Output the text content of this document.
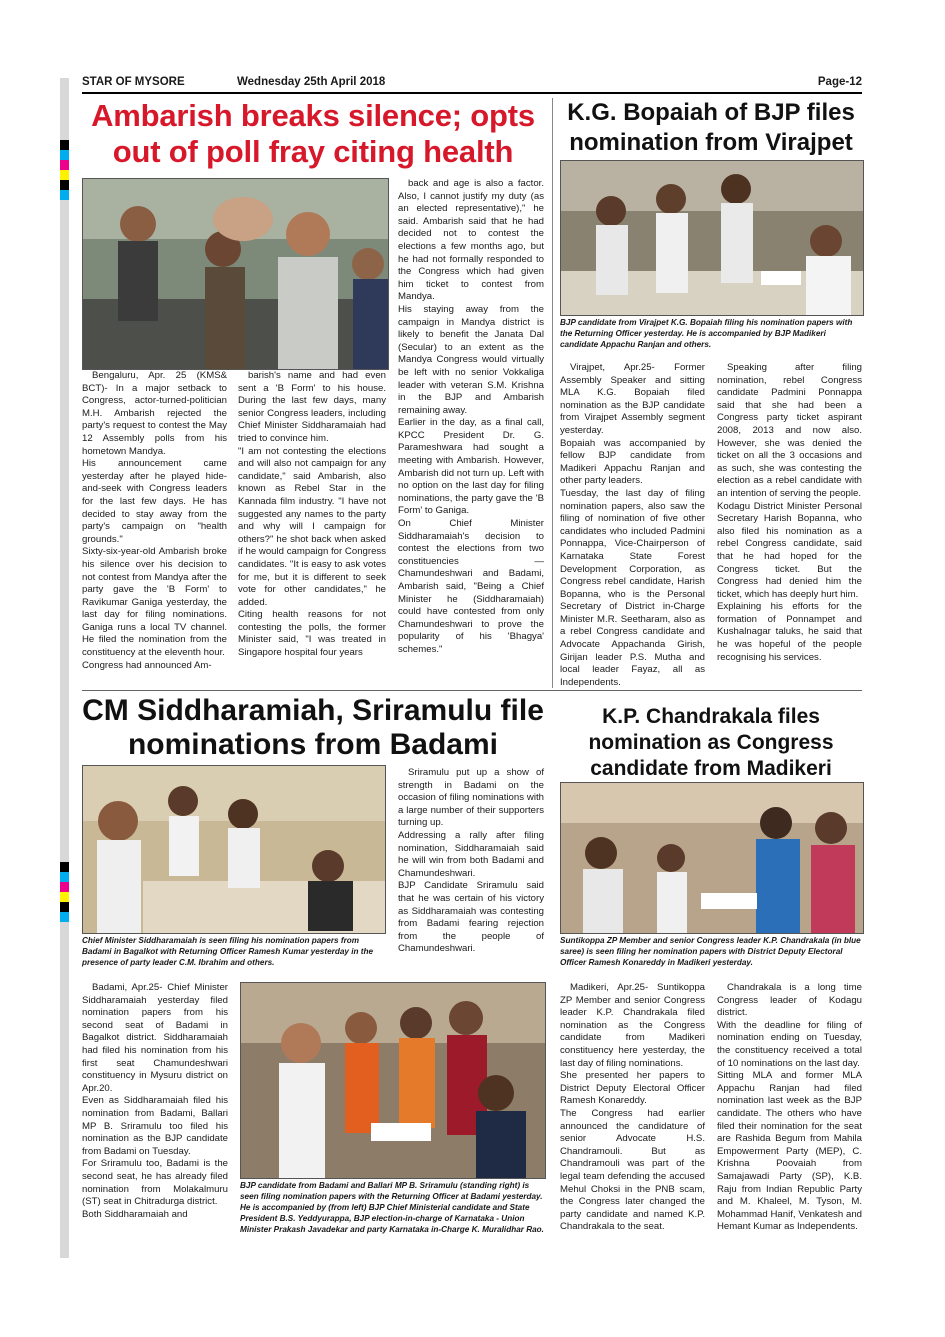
STAR OF MYSORE	Wednesday 25th April 2018	Page-12
Ambarish breaks silence; opts out of poll fray citing health

Bengaluru, Apr. 25 (KMS& BCT)- In a major setback to Congress, actor-turned-politician M.H. Ambarish rejected the party's request to contest the May 12 Assembly polls from his hometown Mandya.
His announcement came yesterday after he played hide-and-seek with Congress leaders for the last few days. He has decided to stay away from the party's campaign on "health grounds."
Sixty-six-year-old Ambarish broke his silence over his decision to not contest from Mandya after the party gave the 'B Form' to Ravikumar Ganiga yesterday, the last day for filing nominations. Ganiga runs a local TV channel. He filed the nomination from the constituency at the eleventh hour.
Congress had announced Am-

barish's name and had even sent a 'B Form' to his house. During the last few days, many senior Congress leaders, including Chief Minister Siddharamaiah had tried to convince him.
"I am not contesting the elections and will also not campaign for any candidate," said Ambarish, also known as Rebel Star in the Kannada film industry. "I have not suggested any names to the party and why will I campaign for others?" he shot back when asked if he would campaign for Congress candidates. "It is easy to ask votes for me, but it is different to seek vote for other candidates," he added.
Citing health reasons for not contesting the polls, the former Minister said, "I was treated in Singapore hospital four years

back and age is also a factor. Also, I cannot justify my duty (as an elected representative)," he said. Ambarish said that he had decided not to contest the elections a few months ago, but he had not formally responded to the Congress which had given him ticket to contest from Mandya.
His staying away from the campaign in Mandya district is likely to benefit the Janata Dal (Secular) to an extent as the Mandya Congress would virtually be left with no senior Vokkaliga leader with veteran S.M. Krishna in the BJP and Ambarish remaining away.
Earlier in the day, as a final call, KPCC President Dr. G. Parameshwara had sought a meeting with Ambarish. However, Ambarish did not turn up. Left with no option on the last day for filing nominations, the party gave the 'B Form' to Ganiga.
On Chief Minister Siddharamaiah's decision to contest the elections from two constituencies — Chamundeshwari and Badami, Ambarish said, "Being a Chief Minister he (Siddharamaiah) could have contested from only Chamundeshwari to prove the popularity of his 'Bhagya' schemes."

K.G. Bopaiah of BJP files nomination from Virajpet
BJP candidate from Virajpet K.G. Bopaiah filing his nomination papers with the Returning Officer yesterday. He is accompanied by BJP Madikeri candidate Appachu Ranjan and others.

Virajpet, Apr.25- Former Assembly Speaker and sitting MLA K.G. Bopaiah filed nomination as the BJP candidate from Virajpet Assembly segment yesterday.
Bopaiah was accompanied by fellow BJP candidate from Madikeri Appachu Ranjan and other party leaders.
Tuesday, the last day of filing nomination papers, also saw the filing of nomination of five other candidates who included Padmini Ponnappa, Vice-Chairperson of Karnataka State Forest Development Corporation, as Congress rebel candidate, Harish Bopanna, who is the Personal Secretary of District in-Charge Minister M.R. Seetharam, also as a rebel Congress candidate and Advocate Appachanda Girish, Girijan leader P.S. Mutha and local leader Fayaz, all as Independents.

Speaking after filing nomination, rebel Congress candidate Padmini Ponnappa said that she had been a Congress party ticket aspirant 2008, 2013 and now also. However, she was denied the ticket on all the 3 occasions and as such, she was contesting the election as a rebel candidate with an intention of serving the people.
Kodagu District Minister Personal Secretary Harish Bopanna, who also filed his nomination as a rebel Congress candidate, said that he had hoped for the Congress ticket. But the Congress had denied him the ticket, which has deeply hurt him.
Explaining his efforts for the formation of Ponnampet and Kushalnagar taluks, he said that he was hopeful of the people recognising his services.

CM Siddharamiah, Sriramulu file nominations from Badami
Chief Minister Siddharamaiah is seen filing his nomination papers from Badami in Bagalkot with Returning Officer Ramesh Kumar yesterday in the presence of party leader C.M. Ibrahim and others.

Sriramulu put up a show of strength in Badami on the occasion of filing nominations with a large number of their supporters turning up.
Addressing a rally after filing nomination, Siddharamaiah said he will win from both Badami and Chamundeshwari.
BJP Candidate Sriramulu said that he was certain of his victory as Siddharamaiah was contesting from Badami fearing rejection from the people of Chamundeshwari.

Badami, Apr.25- Chief Minister Siddharamaiah yesterday filed nomination papers from his second seat of Badami in Bagalkot district. Siddharamaiah had filed his nomination from his first seat Chamundeshwari constituency in Mysuru district on Apr.20.
Even as Siddharamaiah filed his nomination from Badami, Ballari MP B. Sriramulu too filed his nomination as the BJP candidate from Badami on Tuesday.
For Sriramulu too, Badami is the second seat, he has already filed nomination from Molakalmuru (ST) seat in Chitradurga district.
Both Siddharamaiah and

BJP candidate from Badami and Ballari MP B. Sriramulu (standing right) is seen filing nomination papers with the Returning Officer at Badami yesterday. He is accompanied by (from left) BJP Chief Ministerial candidate and State President B.S. Yeddyurappa, BJP election-in-charge of Karnataka - Union Minister Prakash Javadekar and party Karnataka in-Charge K. Muralidhar Rao.
K.P. Chandrakala files nomination as Congress candidate from Madikeri
Suntikoppa ZP Member and senior Congress leader K.P. Chandrakala (in blue saree) is seen filing her nomination papers with District Deputy Electoral Officer Ramesh Konareddy in Madikeri yesterday.

Madikeri, Apr.25- Suntikoppa ZP Member and senior Congress leader K.P. Chandrakala filed nomination as the Congress candidate from Madikeri constituency here yesterday, the last day of filing nominations.
She presented her papers to District Deputy Electoral Officer Ramesh Konareddy.
The Congress had earlier announced the candidature of senior Advocate H.S. Chandramouli. But as Chandramouli was part of the legal team defending the accused Mehul Choksi in the PNB scam, the Congress later changed the party candidate and named K.P. Chandrakala to the seat.

Chandrakala is a long time Congress leader of Kodagu district.
With the deadline for filing of nomination ending on Tuesday, the constituency received a total of 10 nominations on the last day.
Sitting MLA and former MLA Appachu Ranjan had filed nomination last week as the BJP candidate. The others who have filed their nomination for the seat are Rashida Begum from Mahila Empowerment Party (MEP), C. Krishna Poovaiah from Samajawadi Party (SP), K.B. Raju from Indian Republic Party and M. Khaleel, M. Tyson, M. Mohammad Hanif, Venkatesh and Hemant Kumar as Independents.
